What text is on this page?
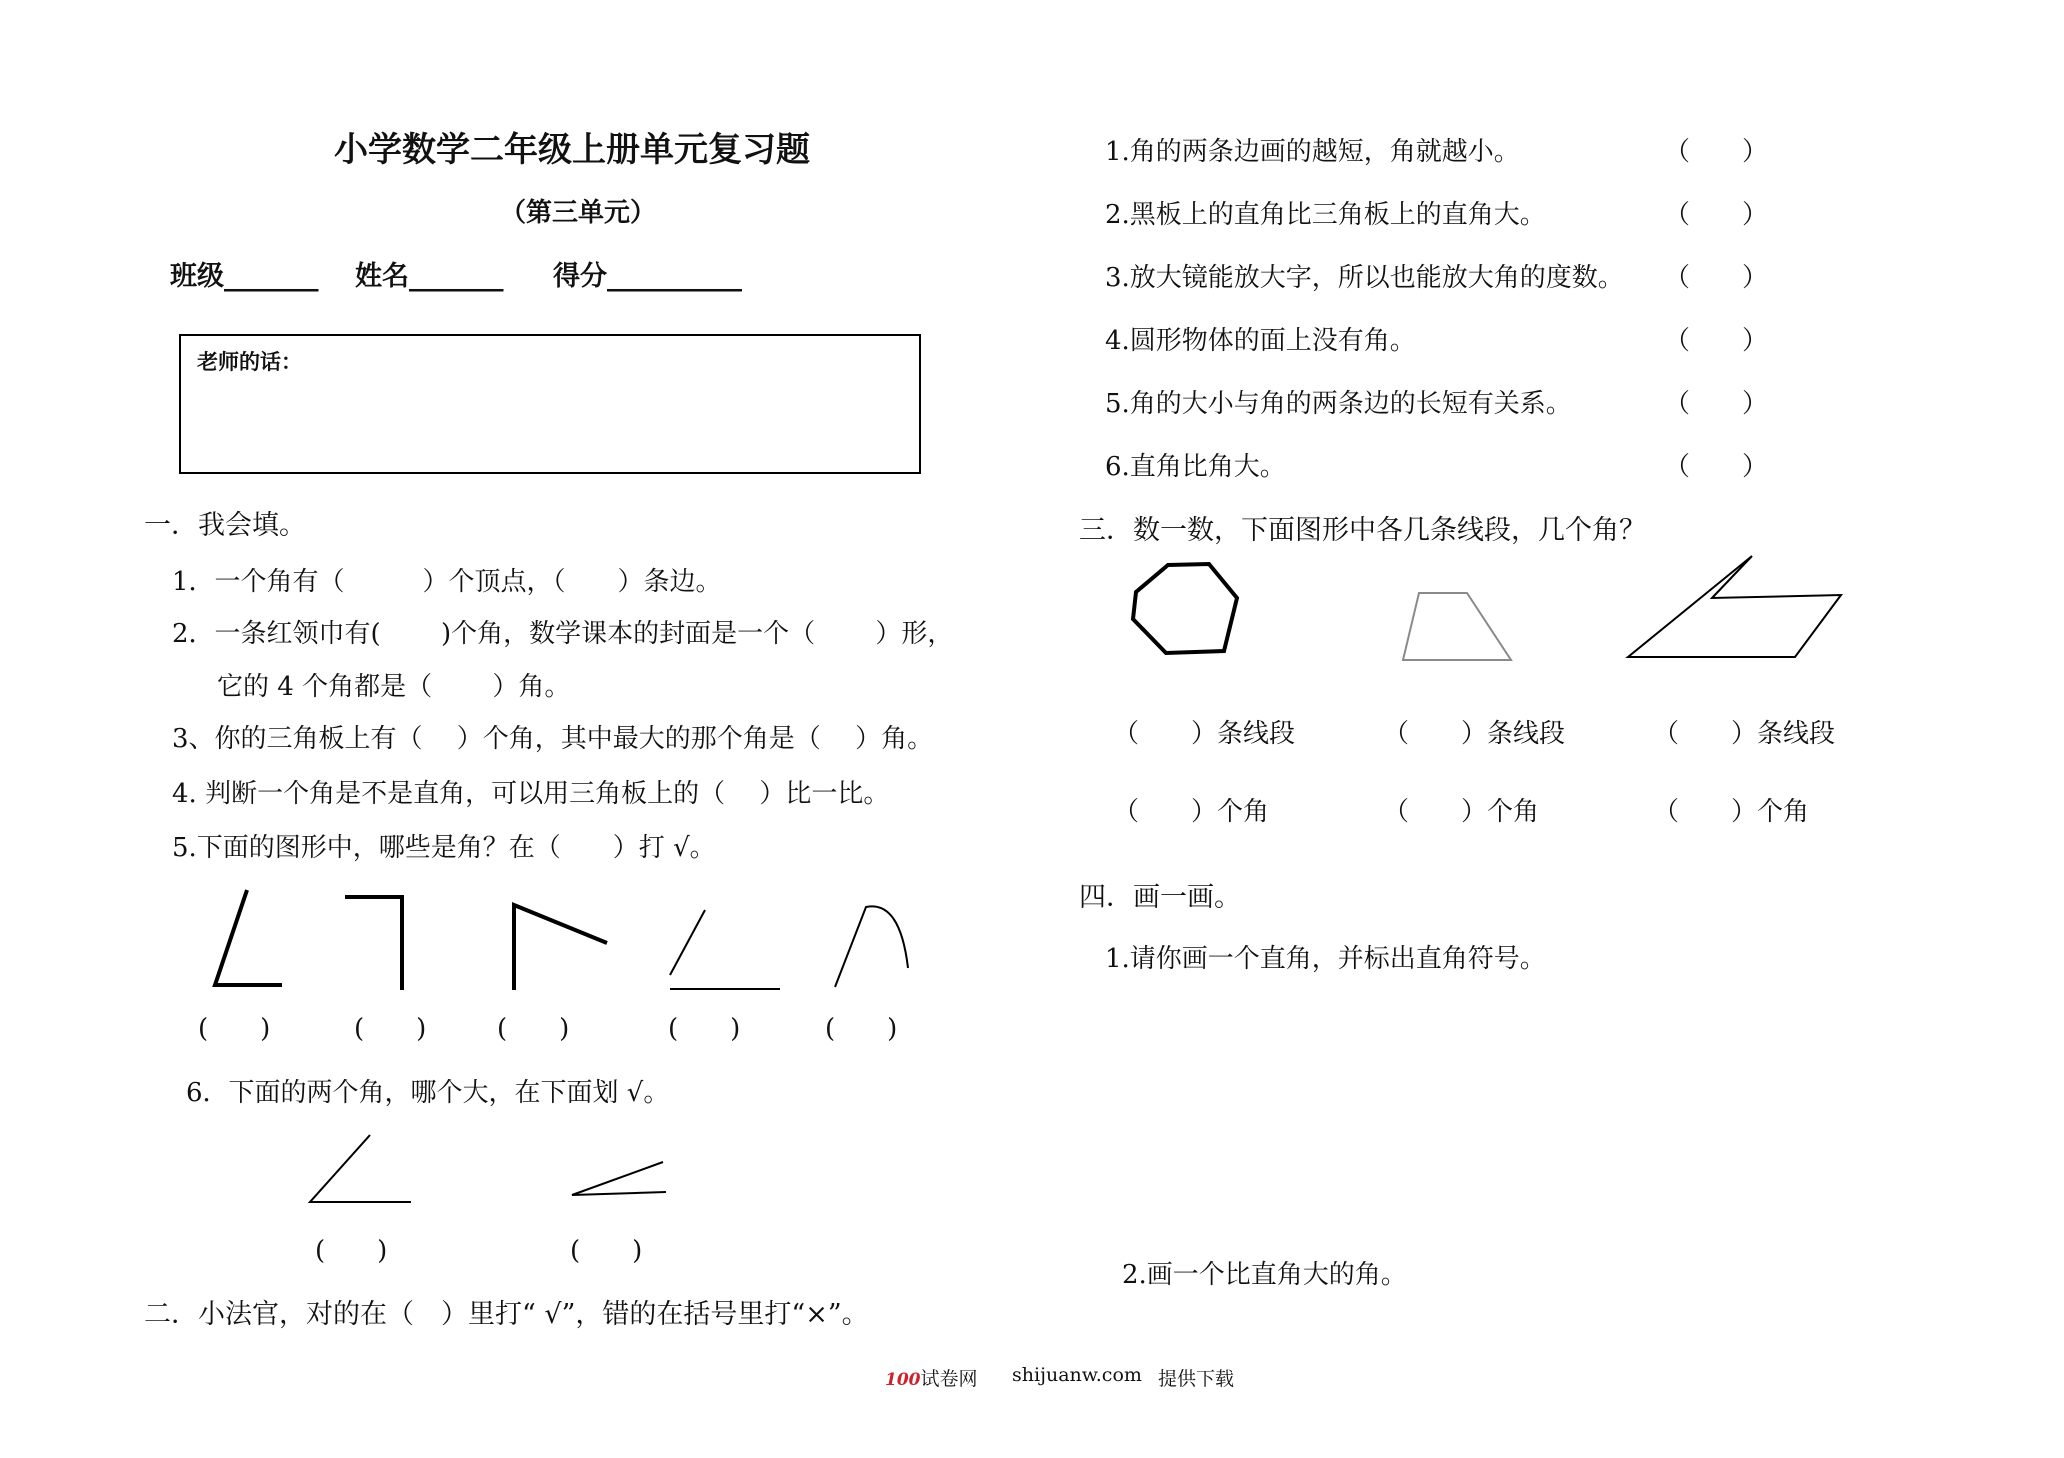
小学数学二年级上册单元复习题
（第三单元）
班级_______ 姓名_______ 得分__________
老师的话：
一．我会填。
1．一个角有（　　　）个顶点，（　　）条边。
2．一条红领巾有(　　 )个角，数学课本的封面是一个（　　 ）形，
它的 4 个角都是（　　 ）角。
3、你的三角板上有（　 ）个角，其中最大的那个角是（　 ）角。
4. 判断一个角是不是直角，可以用三角板上的（　 ）比一比。
5.下面的图形中，哪些是角？在（　　）打 √。
(　　)	(　　)	(　　)	(　　)	(　　)
6．下面的两个角，哪个大，在下面划 √。
(　　)	(　　)
二．小法官，对的在（　）里打“ √”，错的在括号里打“×”。
1.角的两条边画的越短，角就越小。	（　　）
2.黑板上的直角比三角板上的直角大。	（　　）
3.放大镜能放大字，所以也能放大角的度数。 （　　）
4.圆形物体的面上没有角。	（　　）
5.角的大小与角的两条边的长短有关系。	（　　）
6.直角比角大。	（　　）
三．数一数，下面图形中各几条线段，几个角？
（　　）条线段	（　　）条线段	（　　）条线段
（　　）个角	（　　）个角	（　　）个角
四．画一画。
1.请你画一个直角，并标出直角符号。
2.画一个比直角大的角。
100试卷网 shijuanw.com 提供下载
